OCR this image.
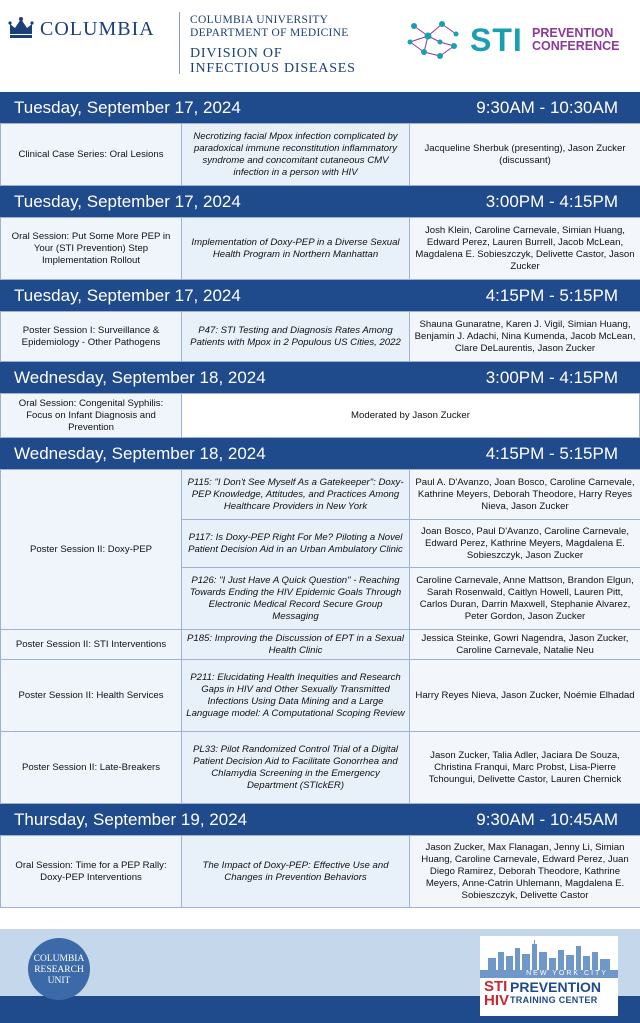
COLUMBIA	COLUMBIA UNIVERSITY
DEPARTMENT OF MEDICINE
DIVISION OF
INFECTIOUS DISEASES
STI PREVENTION
CONFERENCE
Tuesday, September 17, 2024	9:30AM - 10:30AM
Clinical Case Series: Oral Lesions	Necrotizing facial Mpox infection complicated by paradoxical immune reconstitution inflammatory syndrome and concomitant cutaneous CMV infection in a person with HIV	Jacqueline Sherbuk (presenting), Jason Zucker (discussant)
Tuesday, September 17, 2024	3:00PM - 4:15PM
Oral Session: Put Some More PEP in Your (STI Prevention) Step Implementation Rollout	Implementation of Doxy-PEP in a Diverse Sexual Health Program in Northern Manhattan	Josh Klein, Caroline Carnevale, Simian Huang, Edward Perez, Lauren Burrell, Jacob McLean, Magdalena E. Sobieszczyk, Delivette Castor, Jason Zucker
Tuesday, September 17, 2024	4:15PM - 5:15PM
Poster Session I: Surveillance & Epidemiology - Other Pathogens	P47: STI Testing and Diagnosis Rates Among Patients with Mpox in 2 Populous US Cities, 2022	Shauna Gunaratne, Karen J. Vigil, Simian Huang, Benjamin J. Adachi, Nina Kumenda, Jacob McLean, Clare DeLaurentis, Jason Zucker
Wednesday, September 18, 2024	3:00PM - 4:15PM
Oral Session: Congenital Syphilis: Focus on Infant Diagnosis and Prevention	Moderated by Jason Zucker
Wednesday, September 18, 2024	4:15PM - 5:15PM
Poster Session II: Doxy-PEP	P115: "I Don't See Myself As a Gatekeeper": Doxy-PEP Knowledge, Attitudes, and Practices Among Healthcare Providers in New York	Paul A. D'Avanzo, Joan Bosco, Caroline Carnevale, Kathrine Meyers, Deborah Theodore, Harry Reyes Nieva, Jason Zucker
	P117: Is Doxy-PEP Right For Me? Piloting a Novel Patient Decision Aid in an Urban Ambulatory Clinic	Joan Bosco, Paul D'Avanzo, Caroline Carnevale, Edward Perez, Kathrine Meyers, Magdalena E. Sobieszczyk, Jason Zucker
	P126: "I Just Have A Quick Question" - Reaching Towards Ending the HIV Epidemic Goals Through Electronic Medical Record Secure Group Messaging	Caroline Carnevale, Anne Mattson, Brandon Elgun, Sarah Rosenwald, Caitlyn Howell, Lauren Pitt, Carlos Duran, Darrin Maxwell, Stephanie Alvarez, Peter Gordon, Jason Zucker
Poster Session II: STI Interventions	P185: Improving the Discussion of EPT in a Sexual Health Clinic	Jessica Steinke, Gowri Nagendra, Jason Zucker, Caroline Carnevale, Natalie Neu
Poster Session II: Health Services	P211: Elucidating Health Inequities and Research Gaps in HIV and Other Sexually Transmitted Infections Using Data Mining and a Large Language model: A Computational Scoping Review	Harry Reyes Nieva, Jason Zucker, Noémie Elhadad
Poster Session II: Late-Breakers	PL33: Pilot Randomized Control Trial of a Digital Patient Decision Aid to Facilitate Gonorrhea and Chlamydia Screening in the Emergency Department (STIckER)	Jason Zucker, Talia Adler, Jaciara De Souza, Christina Franqui, Marc Probst, Lisa-Pierre Tchoungui, Delivette Castor, Lauren Chernick
Thursday, September 19, 2024	9:30AM - 10:45AM
Oral Session: Time for a PEP Rally: Doxy-PEP Interventions	The Impact of Doxy-PEP: Effective Use and Changes in Prevention Behaviors	Jason Zucker, Max Flanagan, Jenny Li, Simian Huang, Caroline Carnevale, Edward Perez, Juan Diego Ramirez, Deborah Theodore, Kathrine Meyers, Anne-Catrin Uhlemann, Magdalena E. Sobieszczyk, Delivette Castor
COLUMBIA
RESEARCH
UNIT
NEW YORK CITY
STI
HIV
PREVENTION
TRAINING CENTER
